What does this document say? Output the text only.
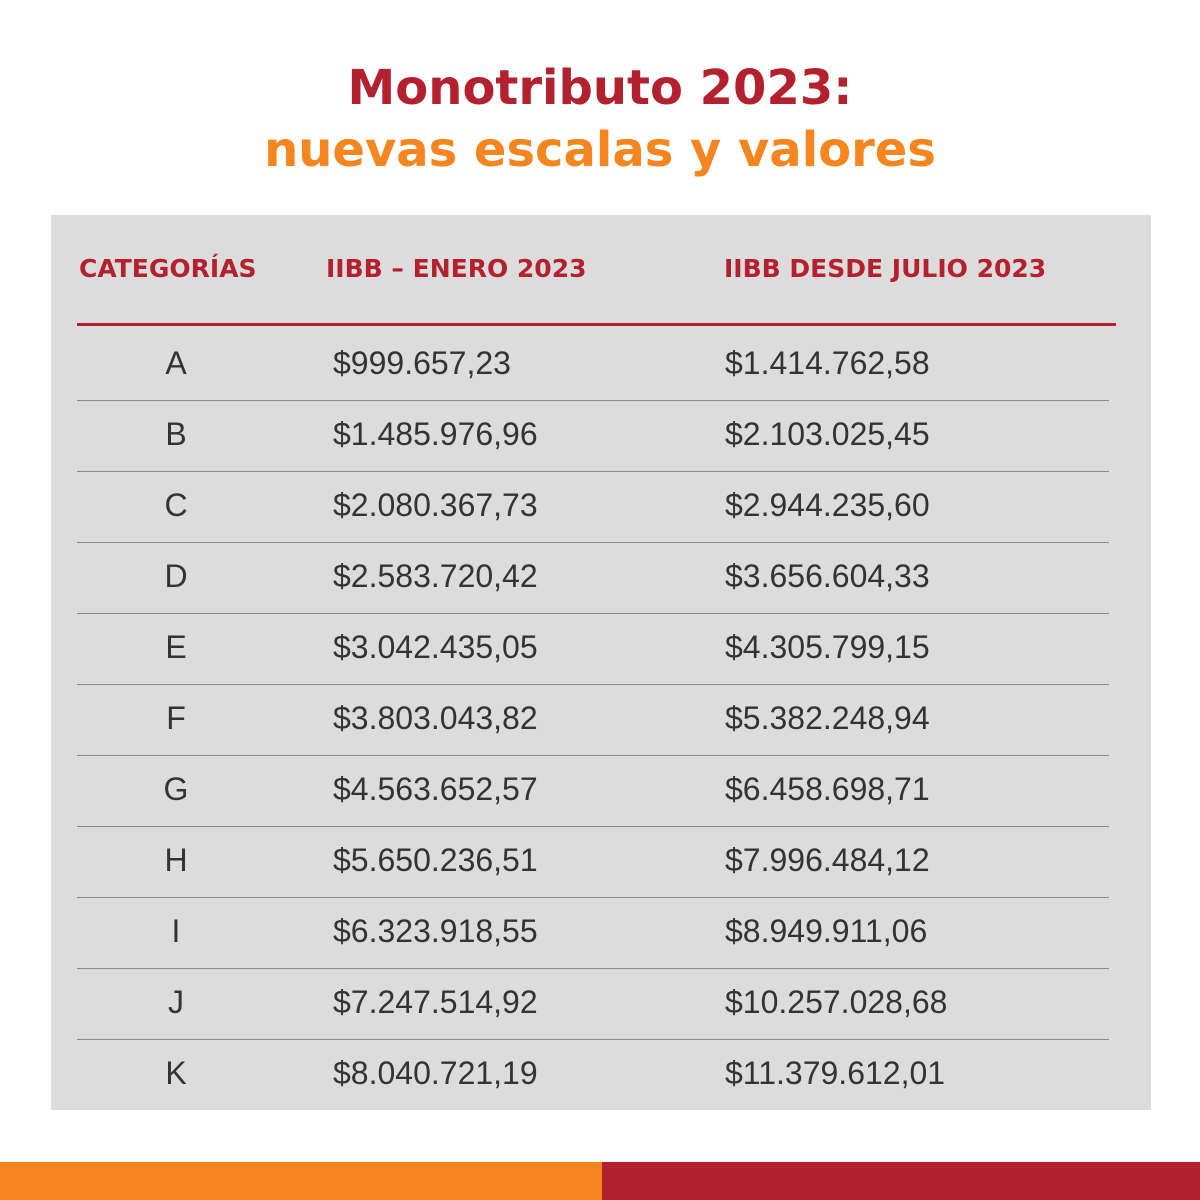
Monotributo 2023:
nuevas escalas y valores
CATEGORÍAS	IIBB – ENERO 2023	IIBB DESDE JULIO 2023
A	$999.657,23	$1.414.762,58
B	$1.485.976,96	$2.103.025,45
C	$2.080.367,73	$2.944.235,60
D	$2.583.720,42	$3.656.604,33
E	$3.042.435,05	$4.305.799,15
F	$3.803.043,82	$5.382.248,94
G	$4.563.652,57	$6.458.698,71
H	$5.650.236,51	$7.996.484,12
I	$6.323.918,55	$8.949.911,06
J	$7.247.514,92	$10.257.028,68
K	$8.040.721,19	$11.379.612,01
